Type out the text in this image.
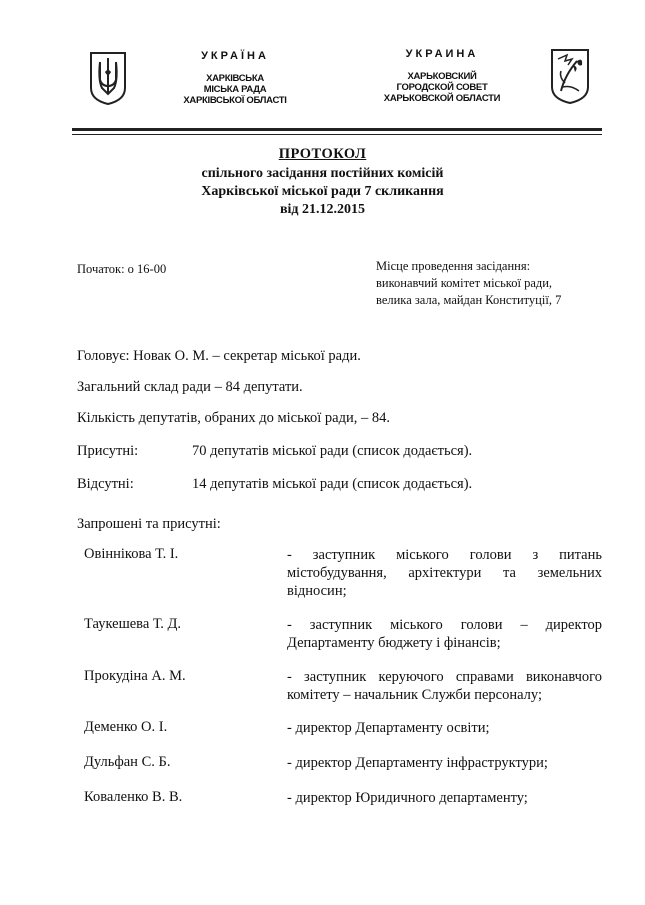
УКРАЇНА
ХАРКІВСЬКА
МІСЬКА РАДА
ХАРКІВСЬКОЇ ОБЛАСТІ
УКРАИНА
ХАРЬКОВСКИЙ
ГОРОДСКОЙ СОВЕТ
ХАРЬКОВСКОЙ ОБЛАСТИ
ПРОТОКОЛ
спільного засідання постійних комісій
Харківської міської ради 7 скликання
від 21.12.2015
Початок: о 16-00	Місце проведення засідання:
виконавчий комітет міської ради,
велика зала, майдан Конституції, 7
Головує: Новак О. М. – секретар міської ради.
Загальний склад ради – 84 депутати.
Кількість депутатів, обраних до міської ради, – 84.
Присутні:	70 депутатів міської ради (список додається).
Відсутні:	14 депутатів міської ради (список додається).
Запрошені та присутні:
Овіннікова Т. І.	- заступник міського голови з питань
містобудування, архітектури та земельних
відносин;
Таукешева Т. Д.	- заступник міського голови – директор
Департаменту бюджету і фінансів;
Прокудіна А. М.	- заступник керуючого справами виконавчого
комітету – начальник Служби персоналу;
Деменко О. І.	- директор Департаменту освіти;
Дульфан С. Б.	- директор Департаменту інфраструктури;
Коваленко В. В.	- директор Юридичного департаменту;
